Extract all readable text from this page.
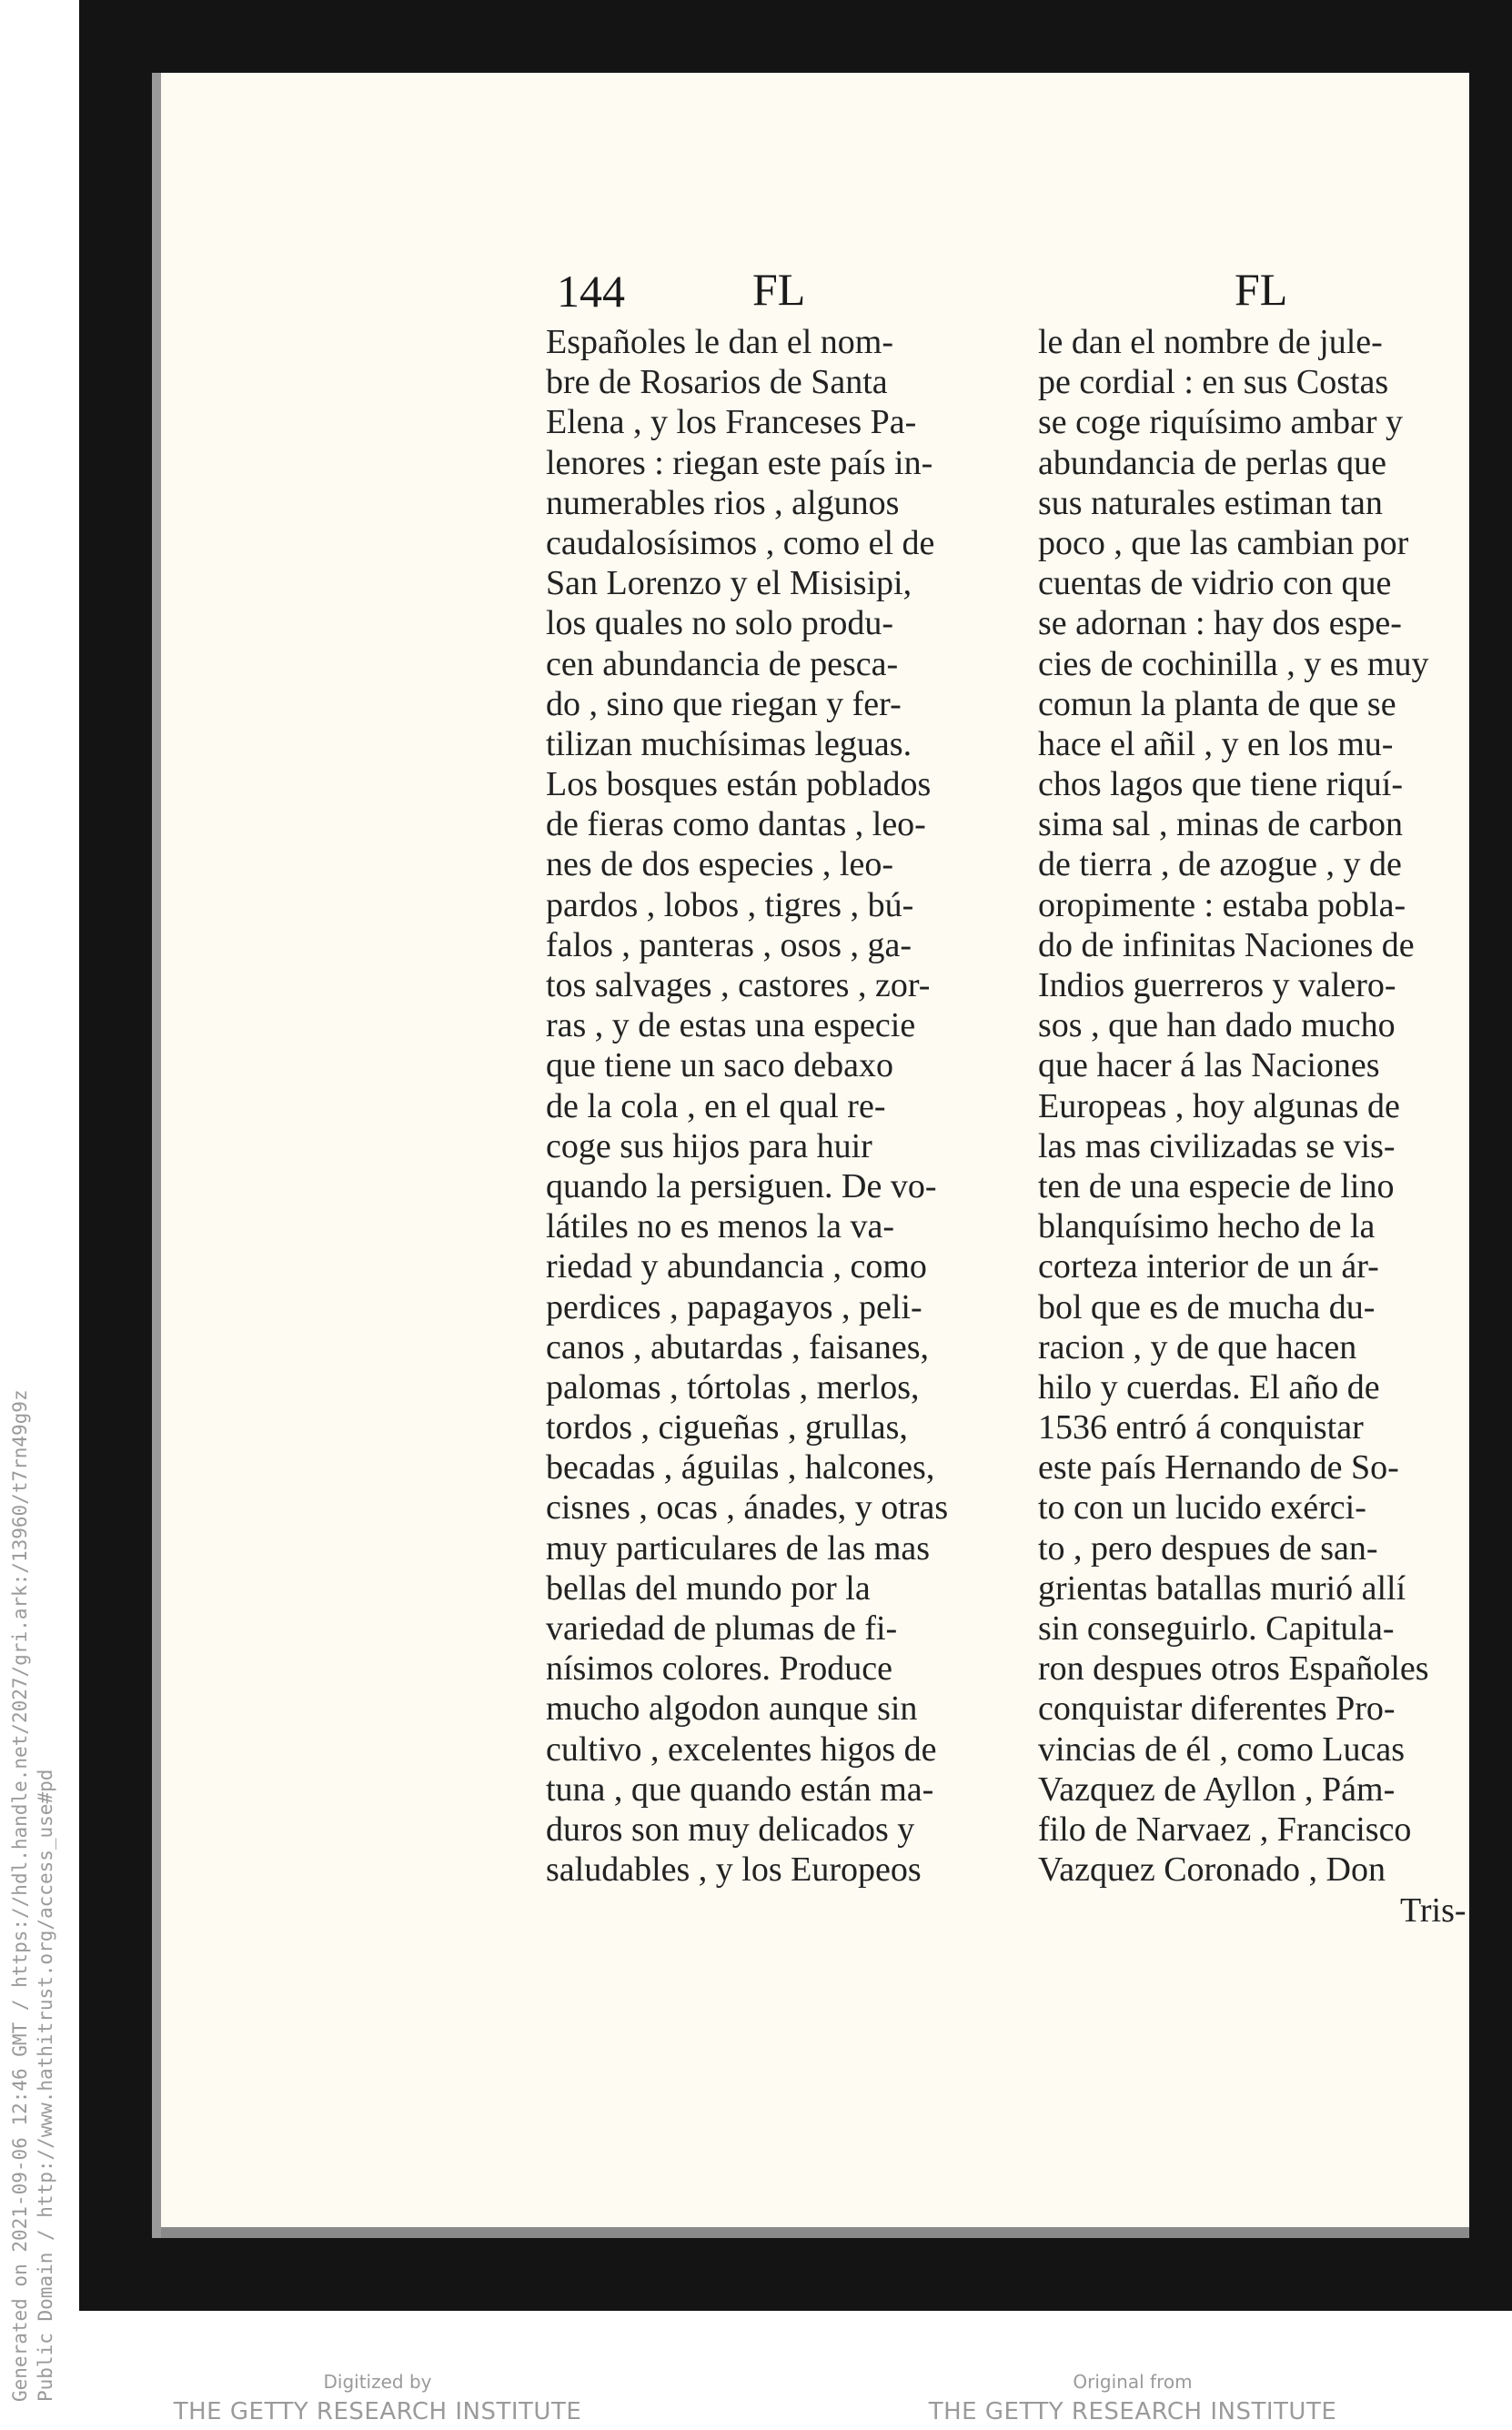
Generated on 2021-09-06 12:46 GMT / https://hdl.handle.net/2027/gri.ark:/13960/t7rn49g9z Public Domain / http://www.hathitrust.org/access_use#pd
144	FL	FL
Españoles le dan el nom-
bre de Rosarios de Santa
Elena , y los Franceses Pa-
lenores : riegan este país in-
numerables rios , algunos
caudalosísimos , como el de
San Lorenzo y el Misisipi,
los quales no solo produ-
cen abundancia de pesca-
do , sino que riegan y fer-
tilizan muchísimas leguas.
Los bosques están poblados
de fieras como dantas , leo-
nes de dos especies , leo-
pardos , lobos , tigres , bú-
falos , panteras , osos , ga-
tos salvages , castores , zor-
ras , y de estas una especie
que tiene un saco debaxo
de la cola , en el qual re-
coge sus hijos para huir
quando la persiguen. De vo-
látiles no es menos la va-
riedad y abundancia , como
perdices , papagayos , peli-
canos , abutardas , faisanes,
palomas , tórtolas , merlos,
tordos , cigueñas , grullas,
becadas , águilas , halcones,
cisnes , ocas , ánades, y otras
muy particulares de las mas
bellas del mundo por la
variedad de plumas de fi-
nísimos colores. Produce
mucho algodon aunque sin
cultivo , excelentes higos de
tuna , que quando están ma-
duros son muy delicados y
saludables , y los Europeos
le dan el nombre de jule-
pe cordial : en sus Costas
se coge riquísimo ambar y
abundancia de perlas que
sus naturales estiman tan
poco , que las cambian por
cuentas de vidrio con que
se adornan : hay dos espe-
cies de cochinilla , y es muy
comun la planta de que se
hace el añil , y en los mu-
chos lagos que tiene riquí-
sima sal , minas de carbon
de tierra , de azogue , y de
oropimente : estaba pobla-
do de infinitas Naciones de
Indios guerreros y valero-
sos , que han dado mucho
que hacer á las Naciones
Europeas , hoy algunas de
las mas civilizadas se vis-
ten de una especie de lino
blanquísimo hecho de la
corteza interior de un ár-
bol que es de mucha du-
racion , y de que hacen
hilo y cuerdas. El año de
1536 entró á conquistar
este país Hernando de So-
to con un lucido exérci-
to , pero despues de san-
grientas batallas murió allí
sin conseguirlo. Capitula-
ron despues otros Españoles
conquistar diferentes Pro-
vincias de él , como Lucas
Vazquez de Ayllon , Pám-
filo de Narvaez , Francisco
Vazquez Coronado , Don
Tris-
Digitized by
THE GETTY RESEARCH INSTITUTE
Original from
THE GETTY RESEARCH INSTITUTE
